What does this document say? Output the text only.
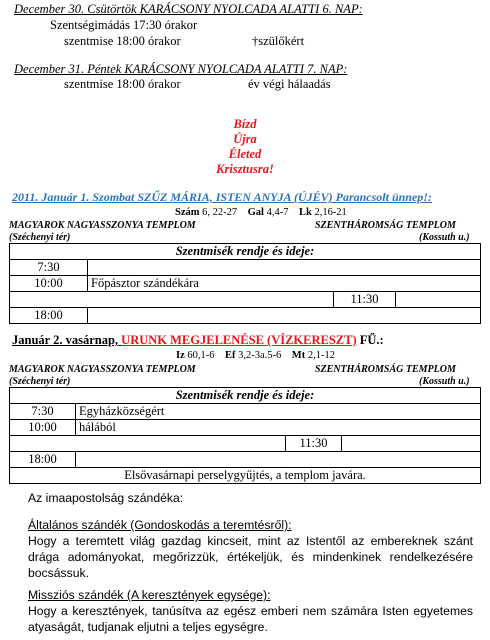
December 30. Csütörtök KARÁCSONY NYOLCADA ALATTI 6. NAP:
Szentségimádás 17:30 órakor
szentmise 18:00 órakor	†szülőkért
December 31. Péntek KARÁCSONY NYOLCADA ALATTI 7. NAP:
szentmise 18:00 órakor	év végi hálaadás
Bízd
Újra
Életed
Krisztusra!
2011. Január 1. Szombat SZŰZ MÁRIA, ISTEN ANYJA (ÚJÉV) Parancsolt ünnep!:
Szám 6, 22-27 Gal 4,4-7 Lk 2,16-21
MAGYAROK NAGYASSZONYA TEMPLOM	SZENTHÁROMSÁG TEMPLOM
(Széchenyi tér)	(Kossuth u.)
Szentmisék rendje és ideje:			
7:30			
10:00	Főpásztor szándékára		
		11:30	
18:00			
Január 2. vasárnap, URUNK MEGJELENÉSE (VÍZKERESZT) FŰ.:
Iz 60,1-6 Ef 3,2-3a.5-6 Mt 2,1-12
MAGYAROK NAGYASSZONYA TEMPLOM	SZENTHÁROMSÁG TEMPLOM
(Széchenyi tér)	(Kossuth u.)
Szentmisék rendje és ideje:			
7:30	Egyházközségért		
10:00	hálából		
		11:30	
18:00			
Elsővasárnapi perselygyűjtés, a templom javára.			
Az imaapostolság szándéka:
Általános szándék (Gondoskodás a teremtésről):
Hogy a teremtett világ gazdag kincseit, mint az Istentől az embereknek szánt drága adományokat, megőrizzük, értékeljük, és mindenkinek rendelkezésére bocsássuk.
Missziós szándék (A keresztények egysége):
Hogy a keresztények, tanúsítva az egész emberi nem számára Isten egyetemes atyaságát, tudjanak eljutni a teljes egységre.
